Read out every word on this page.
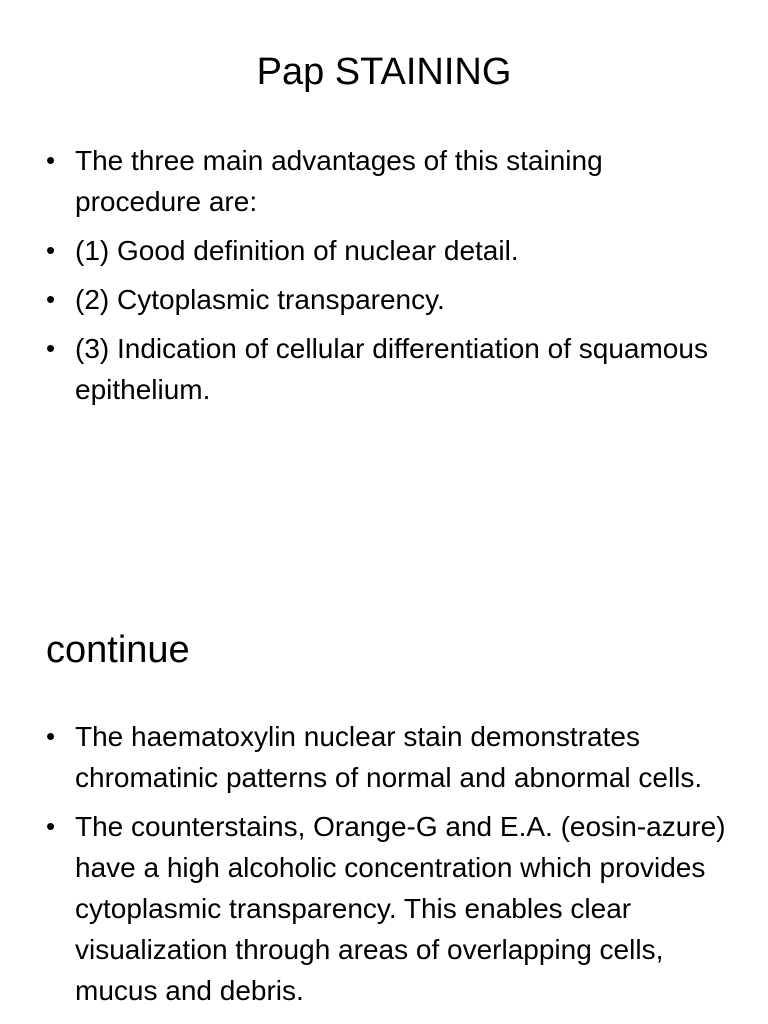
Pap STAINING
• The three main advantages of this staining procedure are:
• (1) Good definition of nuclear detail.
• (2) Cytoplasmic transparency.
• (3) Indication of cellular differentiation of squamous epithelium.
continue
• The haematoxylin nuclear stain demonstrates chromatinic patterns of normal and abnormal cells.
• The counterstains, Orange-G and E.A. (eosin-azure) have a high alcoholic concentration which provides cytoplasmic transparency. This enables clear visualization through areas of overlapping cells, mucus and debris.
